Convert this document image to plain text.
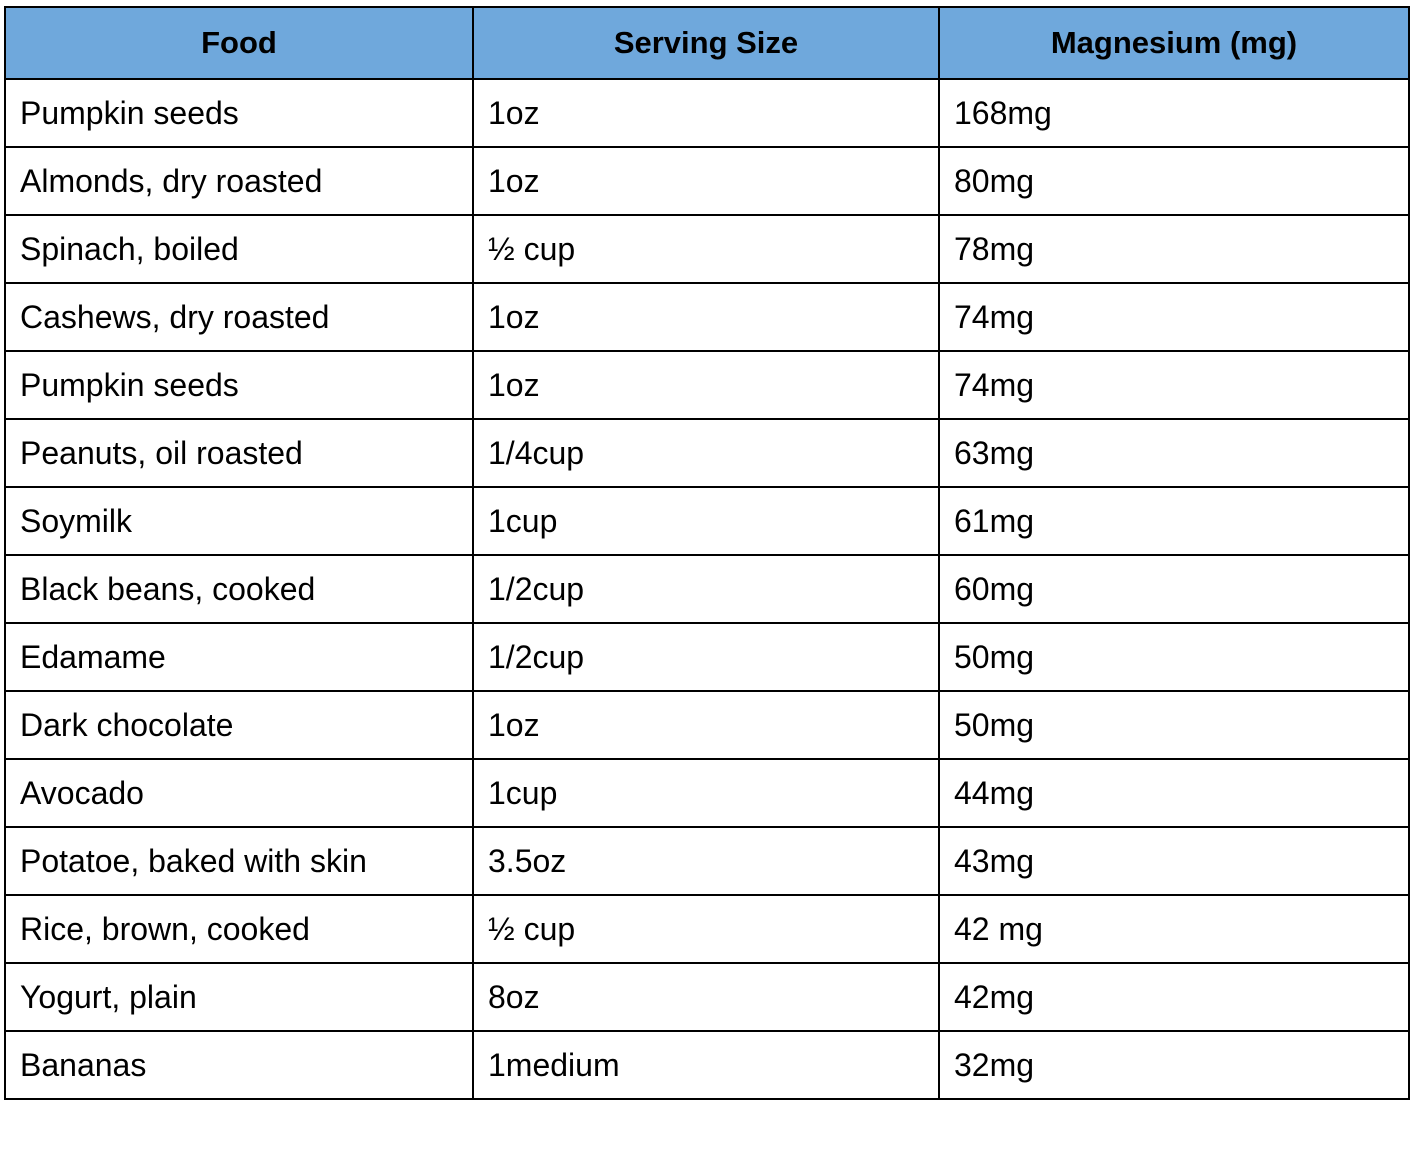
Food	Serving Size	Magnesium (mg)
Pumpkin seeds	1oz	168mg
Almonds, dry roasted	1oz	80mg
Spinach, boiled	½ cup	78mg
Cashews, dry roasted	1oz	74mg
Pumpkin seeds	1oz	74mg
Peanuts, oil roasted	1/4cup	63mg
Soymilk	1cup	61mg
Black beans, cooked	1/2cup	60mg
Edamame	1/2cup	50mg
Dark chocolate	1oz	50mg
Avocado	1cup	44mg
Potatoe, baked with skin	3.5oz	43mg
Rice, brown, cooked	½ cup	42 mg
Yogurt, plain	8oz	42mg
Bananas	1medium	32mg
